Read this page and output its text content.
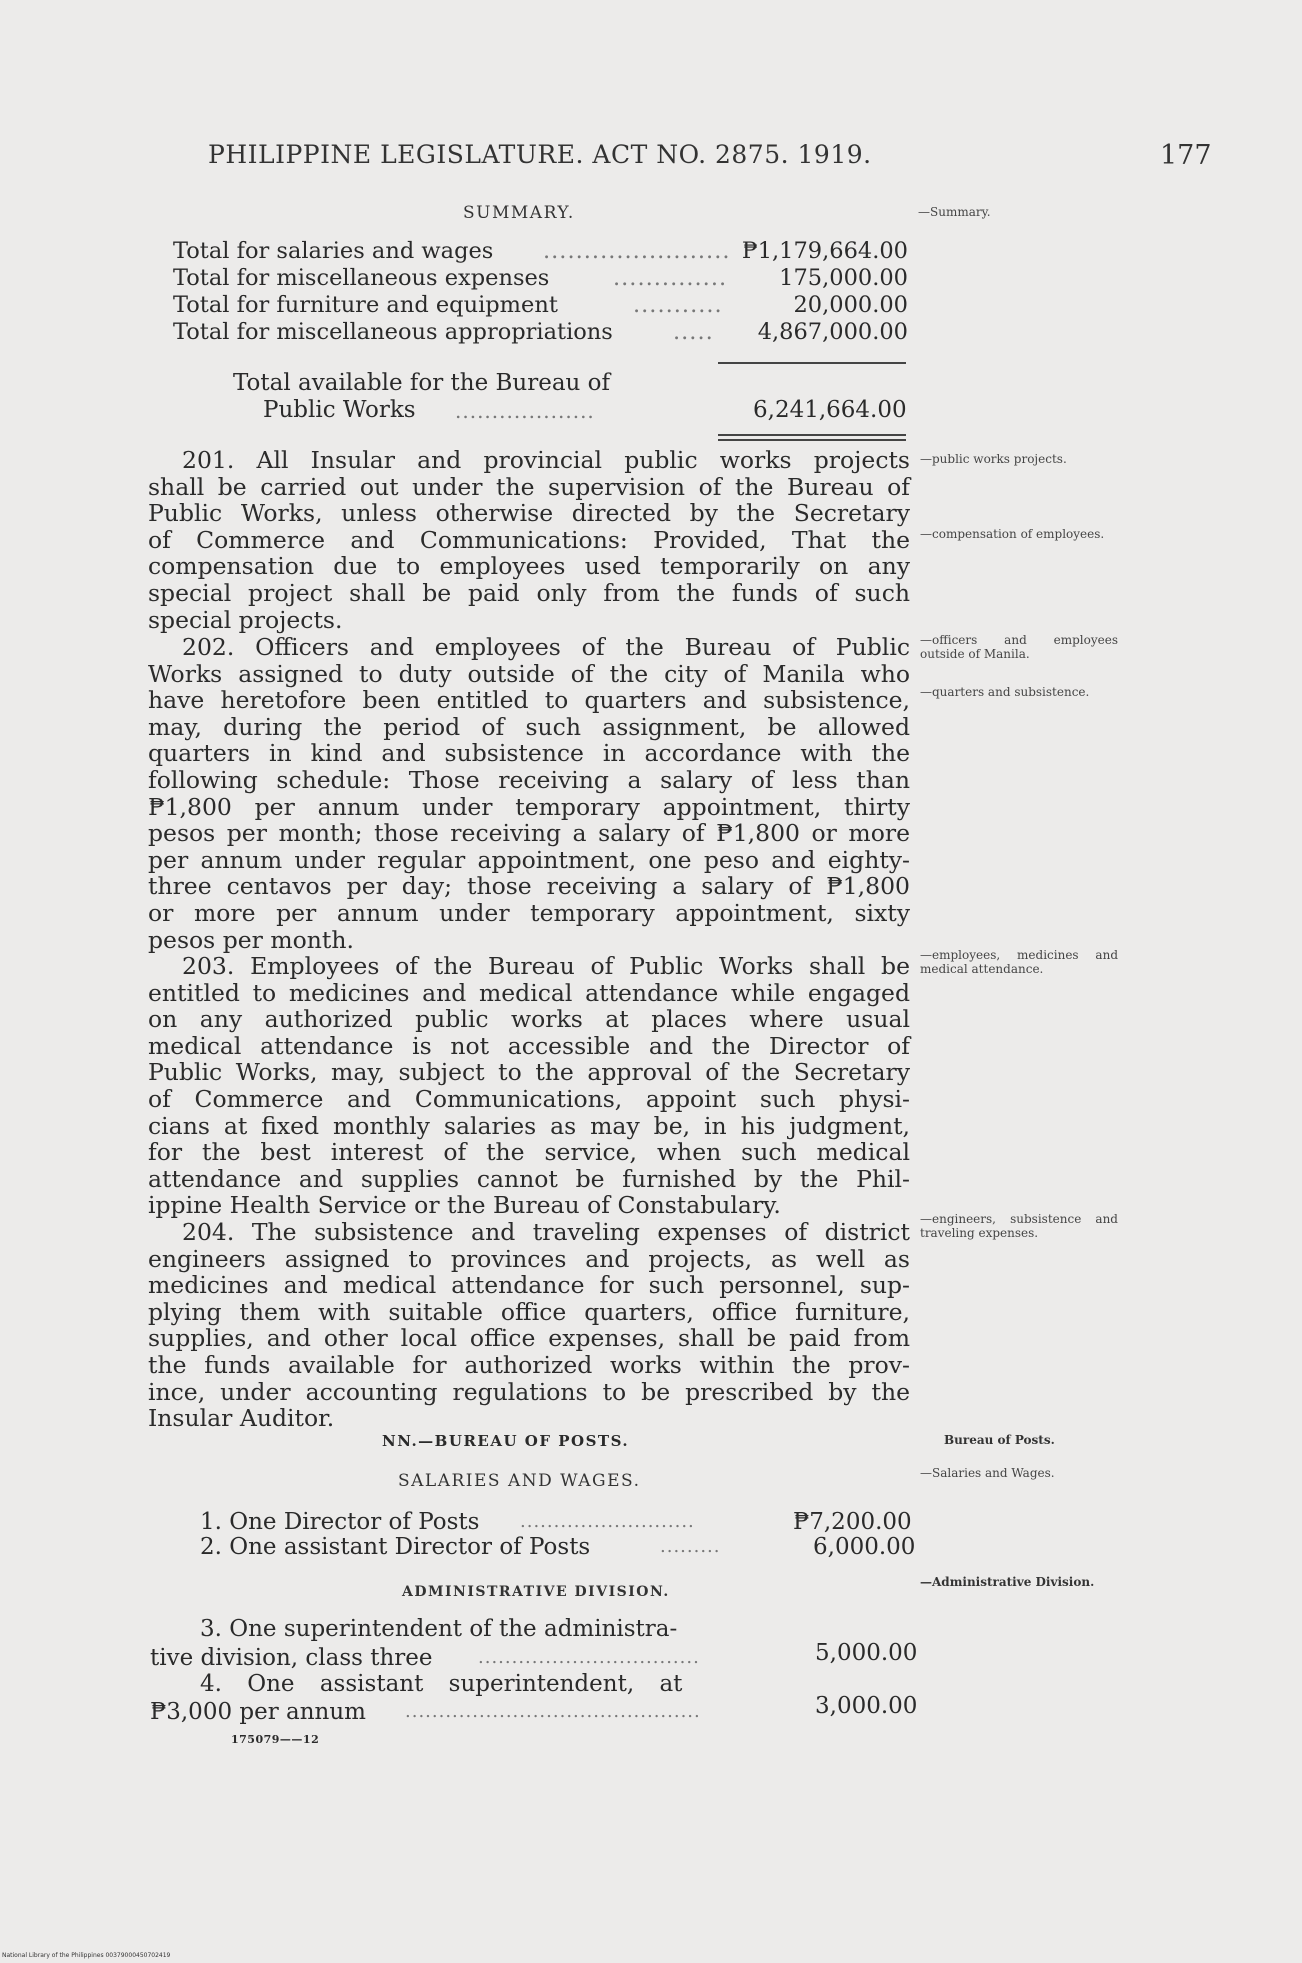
PHILIPPINE LEGISLATURE. ACT NO. 2875. 1919.	177
SUMMARY.	—Summary.
Total for salaries and wages ....................... ₱1,179,664.00
Total for miscellaneous expenses	.............. 175,000.00
Total for furniture and equipment	...........	20,000.00
Total for miscellaneous appropriations	..... 4,867,000.00
Total available for the Bureau of
Public Works ...................	6,241,664.00
201. All Insular and provincial public works projects
shall be carried out under the supervision of the Bureau of
Public Works, unless otherwise directed by the Secretary
of Commerce and Communications: Provided, That the
compensation due to employees used temporarily on any
special project shall be paid only from the funds of such
special projects.
202. Officers and employees of the Bureau of Public
Works assigned to duty outside of the city of Manila who
have heretofore been entitled to quarters and subsistence,
may, during the period of such assignment, be allowed
quarters in kind and subsistence in accordance with the
following schedule: Those receiving a salary of less than
₱1,800 per annum under temporary appointment, thirty
pesos per month; those receiving a salary of ₱1,800 or more
per annum under regular appointment, one peso and eighty-
three centavos per day; those receiving a salary of ₱1,800
or more per annum under temporary appointment, sixty
pesos per month.
203. Employees of the Bureau of Public Works shall be
entitled to medicines and medical attendance while engaged
on any authorized public works at places where usual
medical attendance is not accessible and the Director of
Public Works, may, subject to the approval of the Secretary
of Commerce and Communications, appoint such physi-
cians at fixed monthly salaries as may be, in his judgment,
for the best interest of the service, when such medical
attendance and supplies cannot be furnished by the Phil-
ippine Health Service or the Bureau of Constabulary.
204. The subsistence and traveling expenses of district
engineers assigned to provinces and projects, as well as
medicines and medical attendance for such personnel, sup-
plying them with suitable office quarters, office furniture,
supplies, and other local office expenses, shall be paid from
the funds available for authorized works within the prov-
ince, under accounting regulations to be prescribed by the
Insular Auditor.
—public works projects.
—compensation of employees.
—officers and employees outside of Manila.
—quarters and subsistence.
—employees, medicines and medical attendance.
—engineers, subsistence and traveling expenses.
NN.—BUREAU OF POSTS.	Bureau of Posts.
SALARIES AND WAGES.	—Salaries and Wages.
1. One Director of Posts ..........................	₱7,200.00
2. One assistant Director of Posts	.........	6,000.00
ADMINISTRATIVE DIVISION.
—Administrative Division.
3. One superintendent of the administra-
tive division, class three	.................................	5,000.00
4. One assistant superintendent, at
₱3,000 per annum ............................................	3,000.00
175079——12
National Library of the Philippines 00379000450702419
